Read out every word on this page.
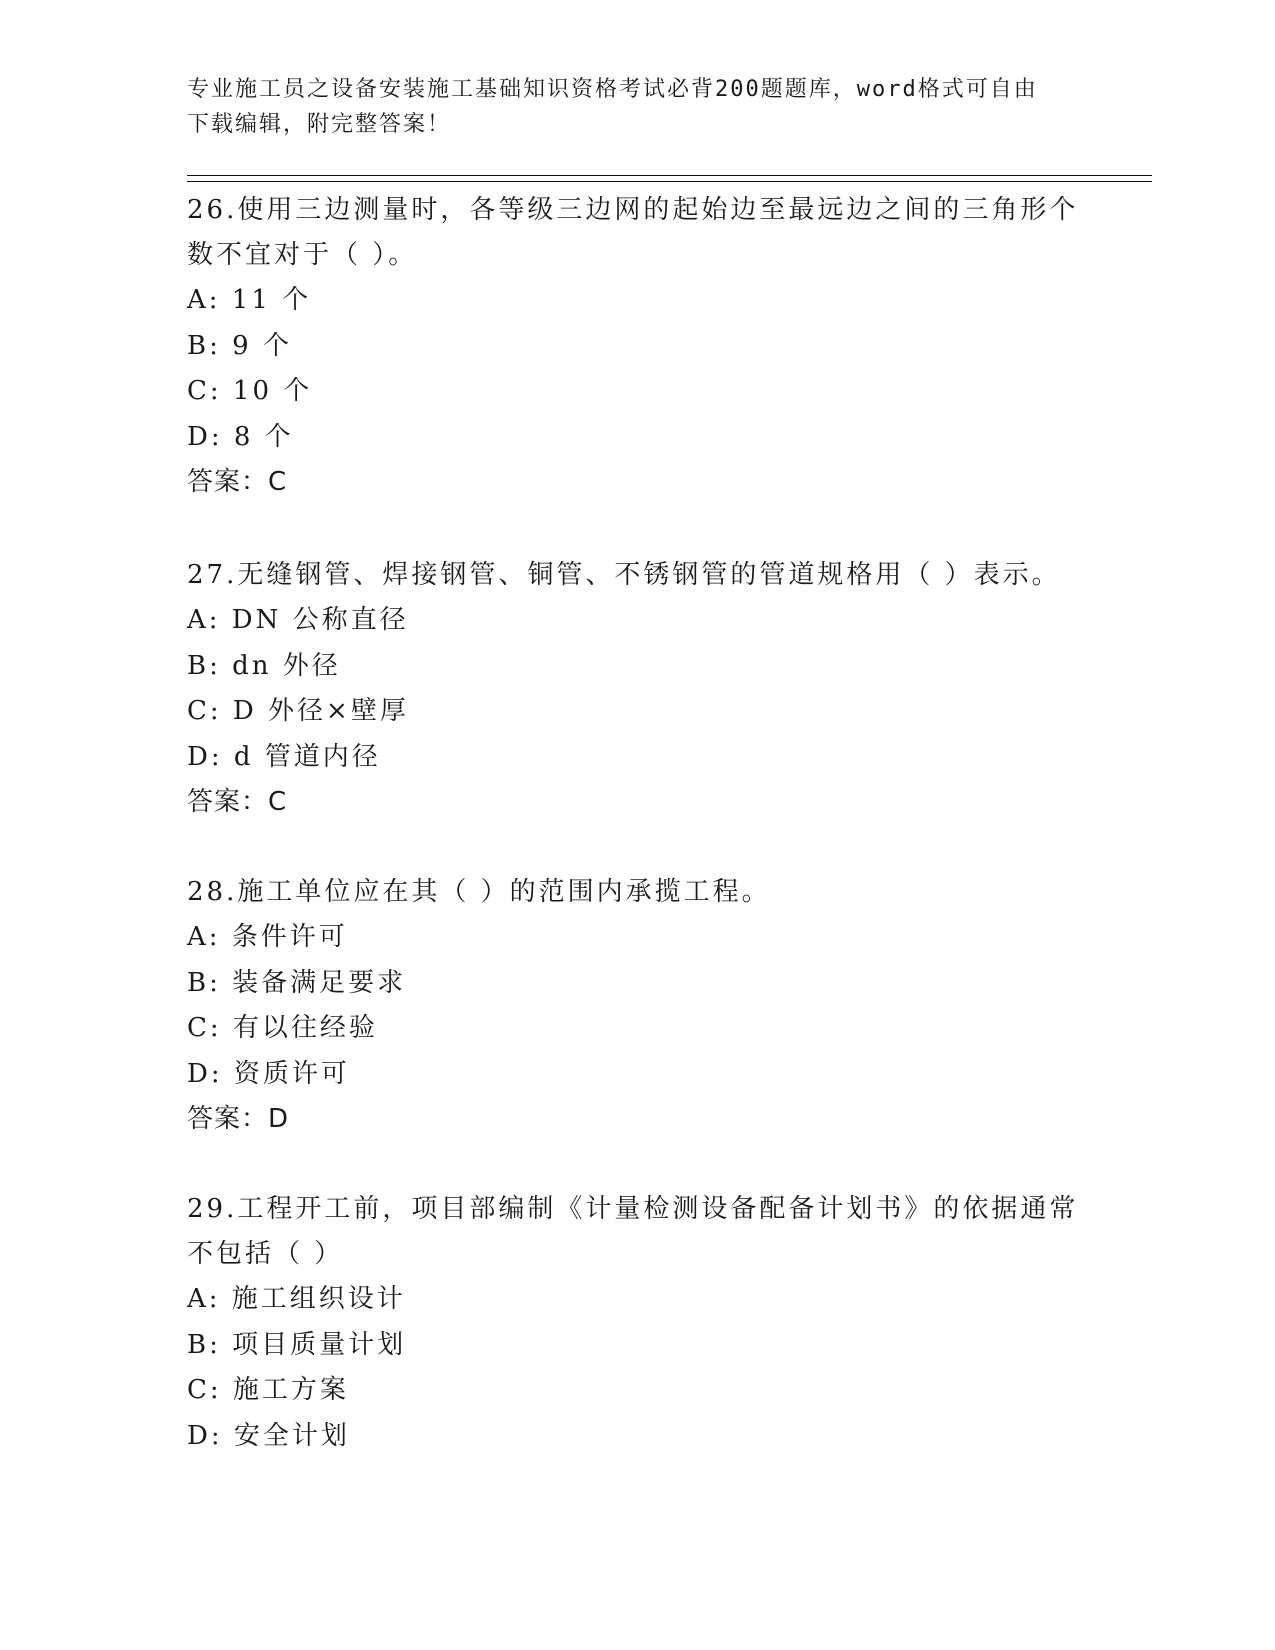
专业施工员之设备安装施工基础知识资格考试必背200题题库，word格式可自由
下载编辑，附完整答案！

26.使用三边测量时，各等级三边网的起始边至最远边之间的三角形个

数不宜对于（ ）。

A: 11 个

B: 9 个

C: 10 个

D: 8 个

答案：C

27.无缝钢管、焊接钢管、铜管、不锈钢管的管道规格用（ ）表示。

A: DN 公称直径

B: dn 外径

C: D 外径×壁厚

D: d 管道内径

答案：C

28.施工单位应在其（ ）的范围内承揽工程。

A: 条件许可

B: 装备满足要求

C: 有以往经验

D: 资质许可

答案：D

29.工程开工前，项目部编制《计量检测设备配备计划书》的依据通常

不包括（ ）

A: 施工组织设计

B: 项目质量计划

C: 施工方案

D: 安全计划
